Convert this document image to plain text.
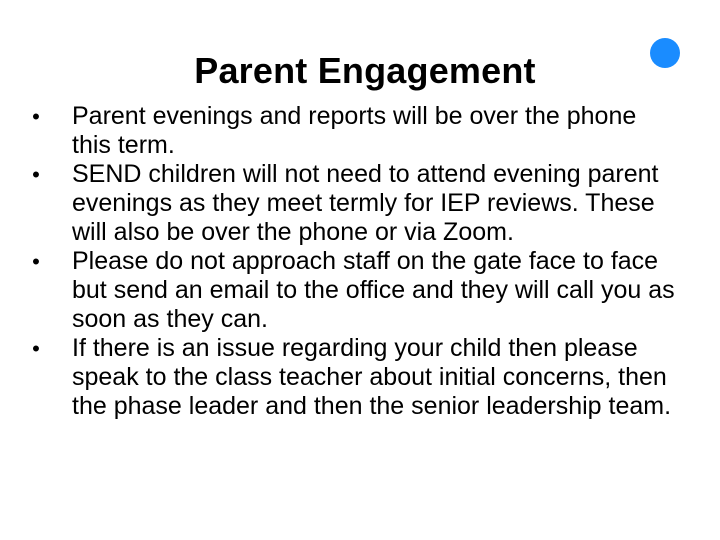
Parent Engagement
• Parent evenings and reports will be over the phone this term.
• SEND children will not need to attend evening parent evenings as they meet termly for IEP reviews. These will also be over the phone or via Zoom.
• Please do not approach staff on the gate face to face but send an email to the office and they will call you as soon as they can.
• If there is an issue regarding your child then please speak to the class teacher about initial concerns, then the phase leader and then the senior leadership team.
